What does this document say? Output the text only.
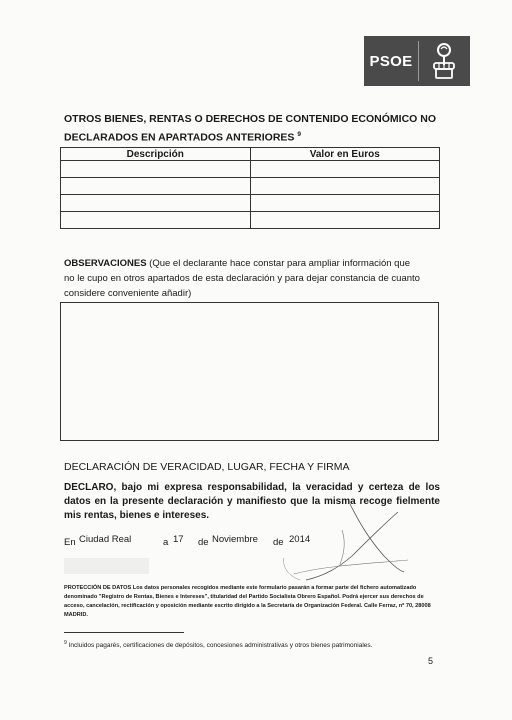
PSOE
OTROS BIENES, RENTAS O DERECHOS DE CONTENIDO ECONÓMICO NO
DECLARADOS EN APARTADOS ANTERIORES $^9$
Descripción	Valor en Euros

OBSERVACIONES (Que el declarante hace constar para ampliar información que
no le cupo en otros apartados de esta declaración y para dejar constancia de cuanto
considere conveniente añadir)
DECLARACIÓN DE VERACIDAD, LUGAR, FECHA Y FIRMA
DECLARO, bajo mi expresa responsabilidad, la veracidad y certeza de los datos en la presente declaración y manifiesto que la misma recoge fielmente mis rentas, bienes e intereses.
En Ciudad Real	a 17 de Noviembre de 2014
PROTECCIÓN DE DATOS Los datos personales recogidos mediante este formulario pasarán a formar parte del fichero automatizado denominado "Registro de Rentas, Bienes e Intereses", titularidad del Partido Socialista Obrero Español. Podrá ejercer sus derechos de acceso, cancelación, rectificación y oposición mediante escrito dirigido a la Secretaría de Organización Federal. Calle Ferraz, nº 70, 28008 MADRID.
$^9$ Incluidos pagarés, certificaciones de depósitos, concesiones administrativas y otros bienes patrimoniales.
5
